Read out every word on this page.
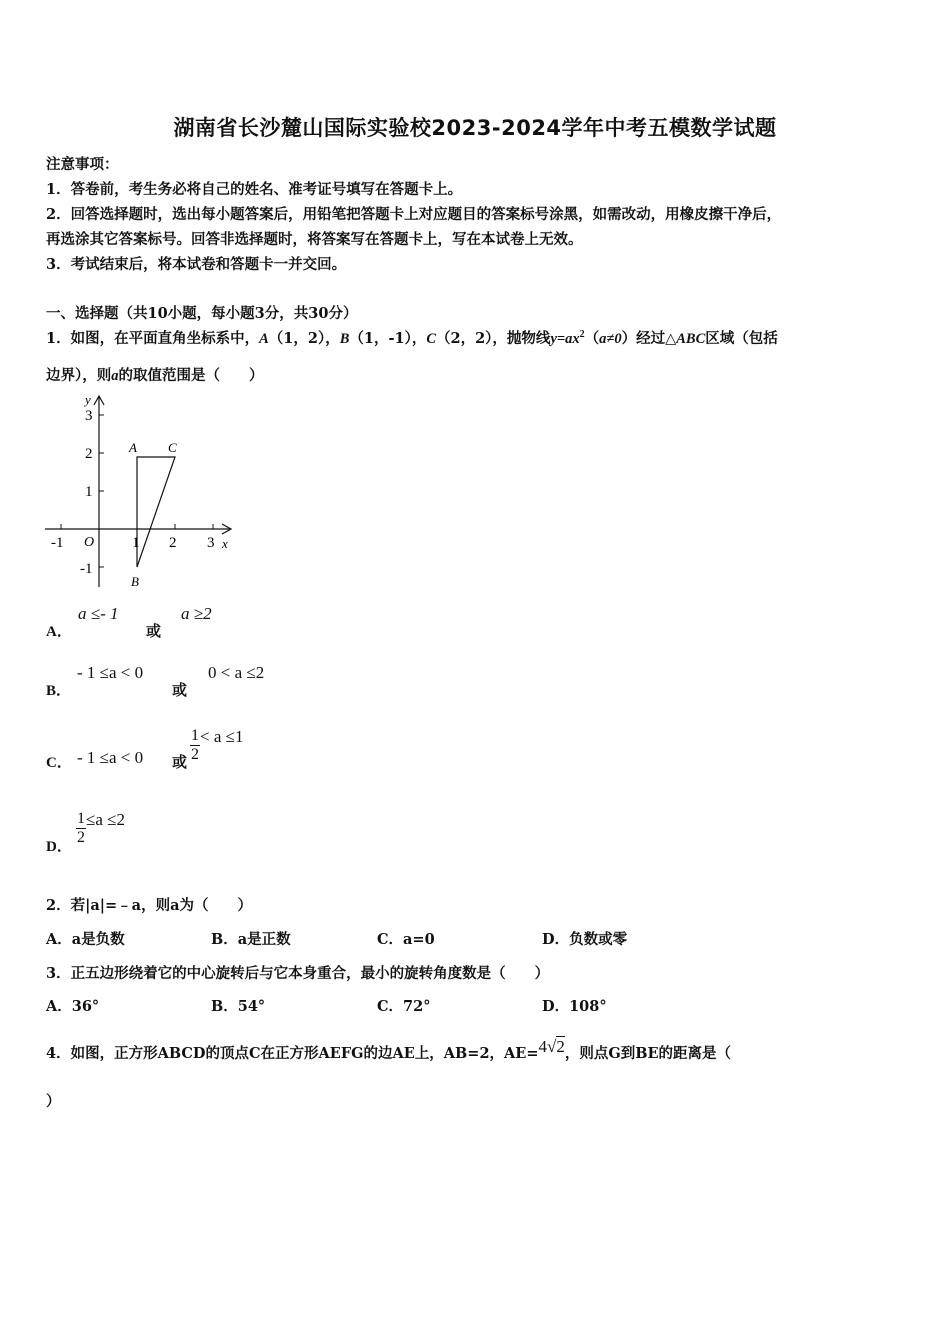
湖南省长沙麓山国际实验校2023-2024学年中考五模数学试题
注意事项：
1．答卷前，考生务必将自己的姓名、准考证号填写在答题卡上。
2．回答选择题时，选出每小题答案后，用铅笔把答题卡上对应题目的答案标号涂黑，如需改动，用橡皮擦干净后，
再选涂其它答案标号。回答非选择题时，将答案写在答题卡上，写在本试卷上无效。
3．考试结束后，将本试卷和答题卡一并交回。
一、选择题（共10小题，每小题3分，共30分）
1．如图，在平面直角坐标系中，A（1，2），B（1，-1），C（2，2），抛物线$y=ax^2(a\ne 0)$经过△ABC区域（包括
边界），则a的取值范围是（　　）
y
x
O
-1	1 2 3
3
2
1
-1
A C
B
A．
a ≤- 1
或
a ≥2
B．
- 1 ≤a < 0
或
0 < a ≤2
C． - 1 ≤a < 0 或 $\frac{1}{2} < a \le 1$
D． $\frac{1}{2} \le a \le 2$
2．若|a|=﹣a，则a为（　　）
A．a是负数	B．a是正数	C．a=0	D．负数或零
3．正五边形绕着它的中心旋转后与它本身重合，最小的旋转角度数是（　　）
A．36°	B．54°	C．72°	D．108°
4．如图，正方形ABCD的顶点C在正方形AEFG的边AE上，AB=2，AE=4√2，则点G到BE的距离是（
）
